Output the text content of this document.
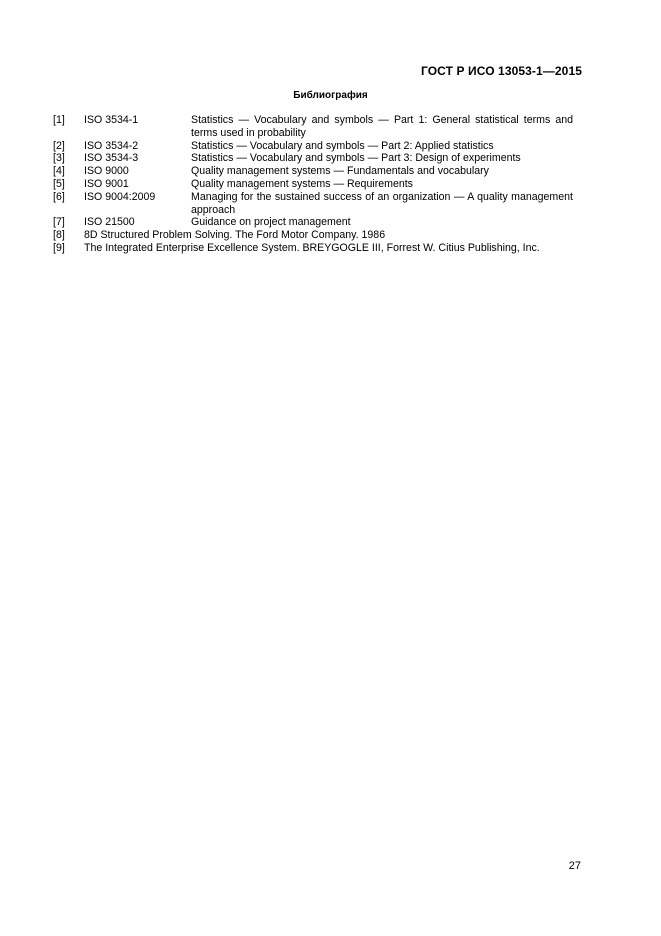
ГОСТ Р ИСО 13053-1—2015
Библиография
[1] ISO 3534-1	Statistics — Vocabulary and symbols — Part 1: General statistical terms and terms used in probability
[2] ISO 3534-2	Statistics — Vocabulary and symbols — Part 2: Applied statistics
[3] ISO 3534-3	Statistics — Vocabulary and symbols — Part 3: Design of experiments
[4] ISO 9000	Quality management systems — Fundamentals and vocabulary
[5] ISO 9001	Quality management systems — Requirements
[6] ISO 9004:2009	Managing for the sustained success of an organization — A quality management approach
[7] ISO 21500	Guidance on project management
[8] 8D Structured Problem Solving. The Ford Motor Company. 1986
[9] The Integrated Enterprise Excellence System. BREYGOGLE III, Forrest W. Citius Publishing, Inc.
27
